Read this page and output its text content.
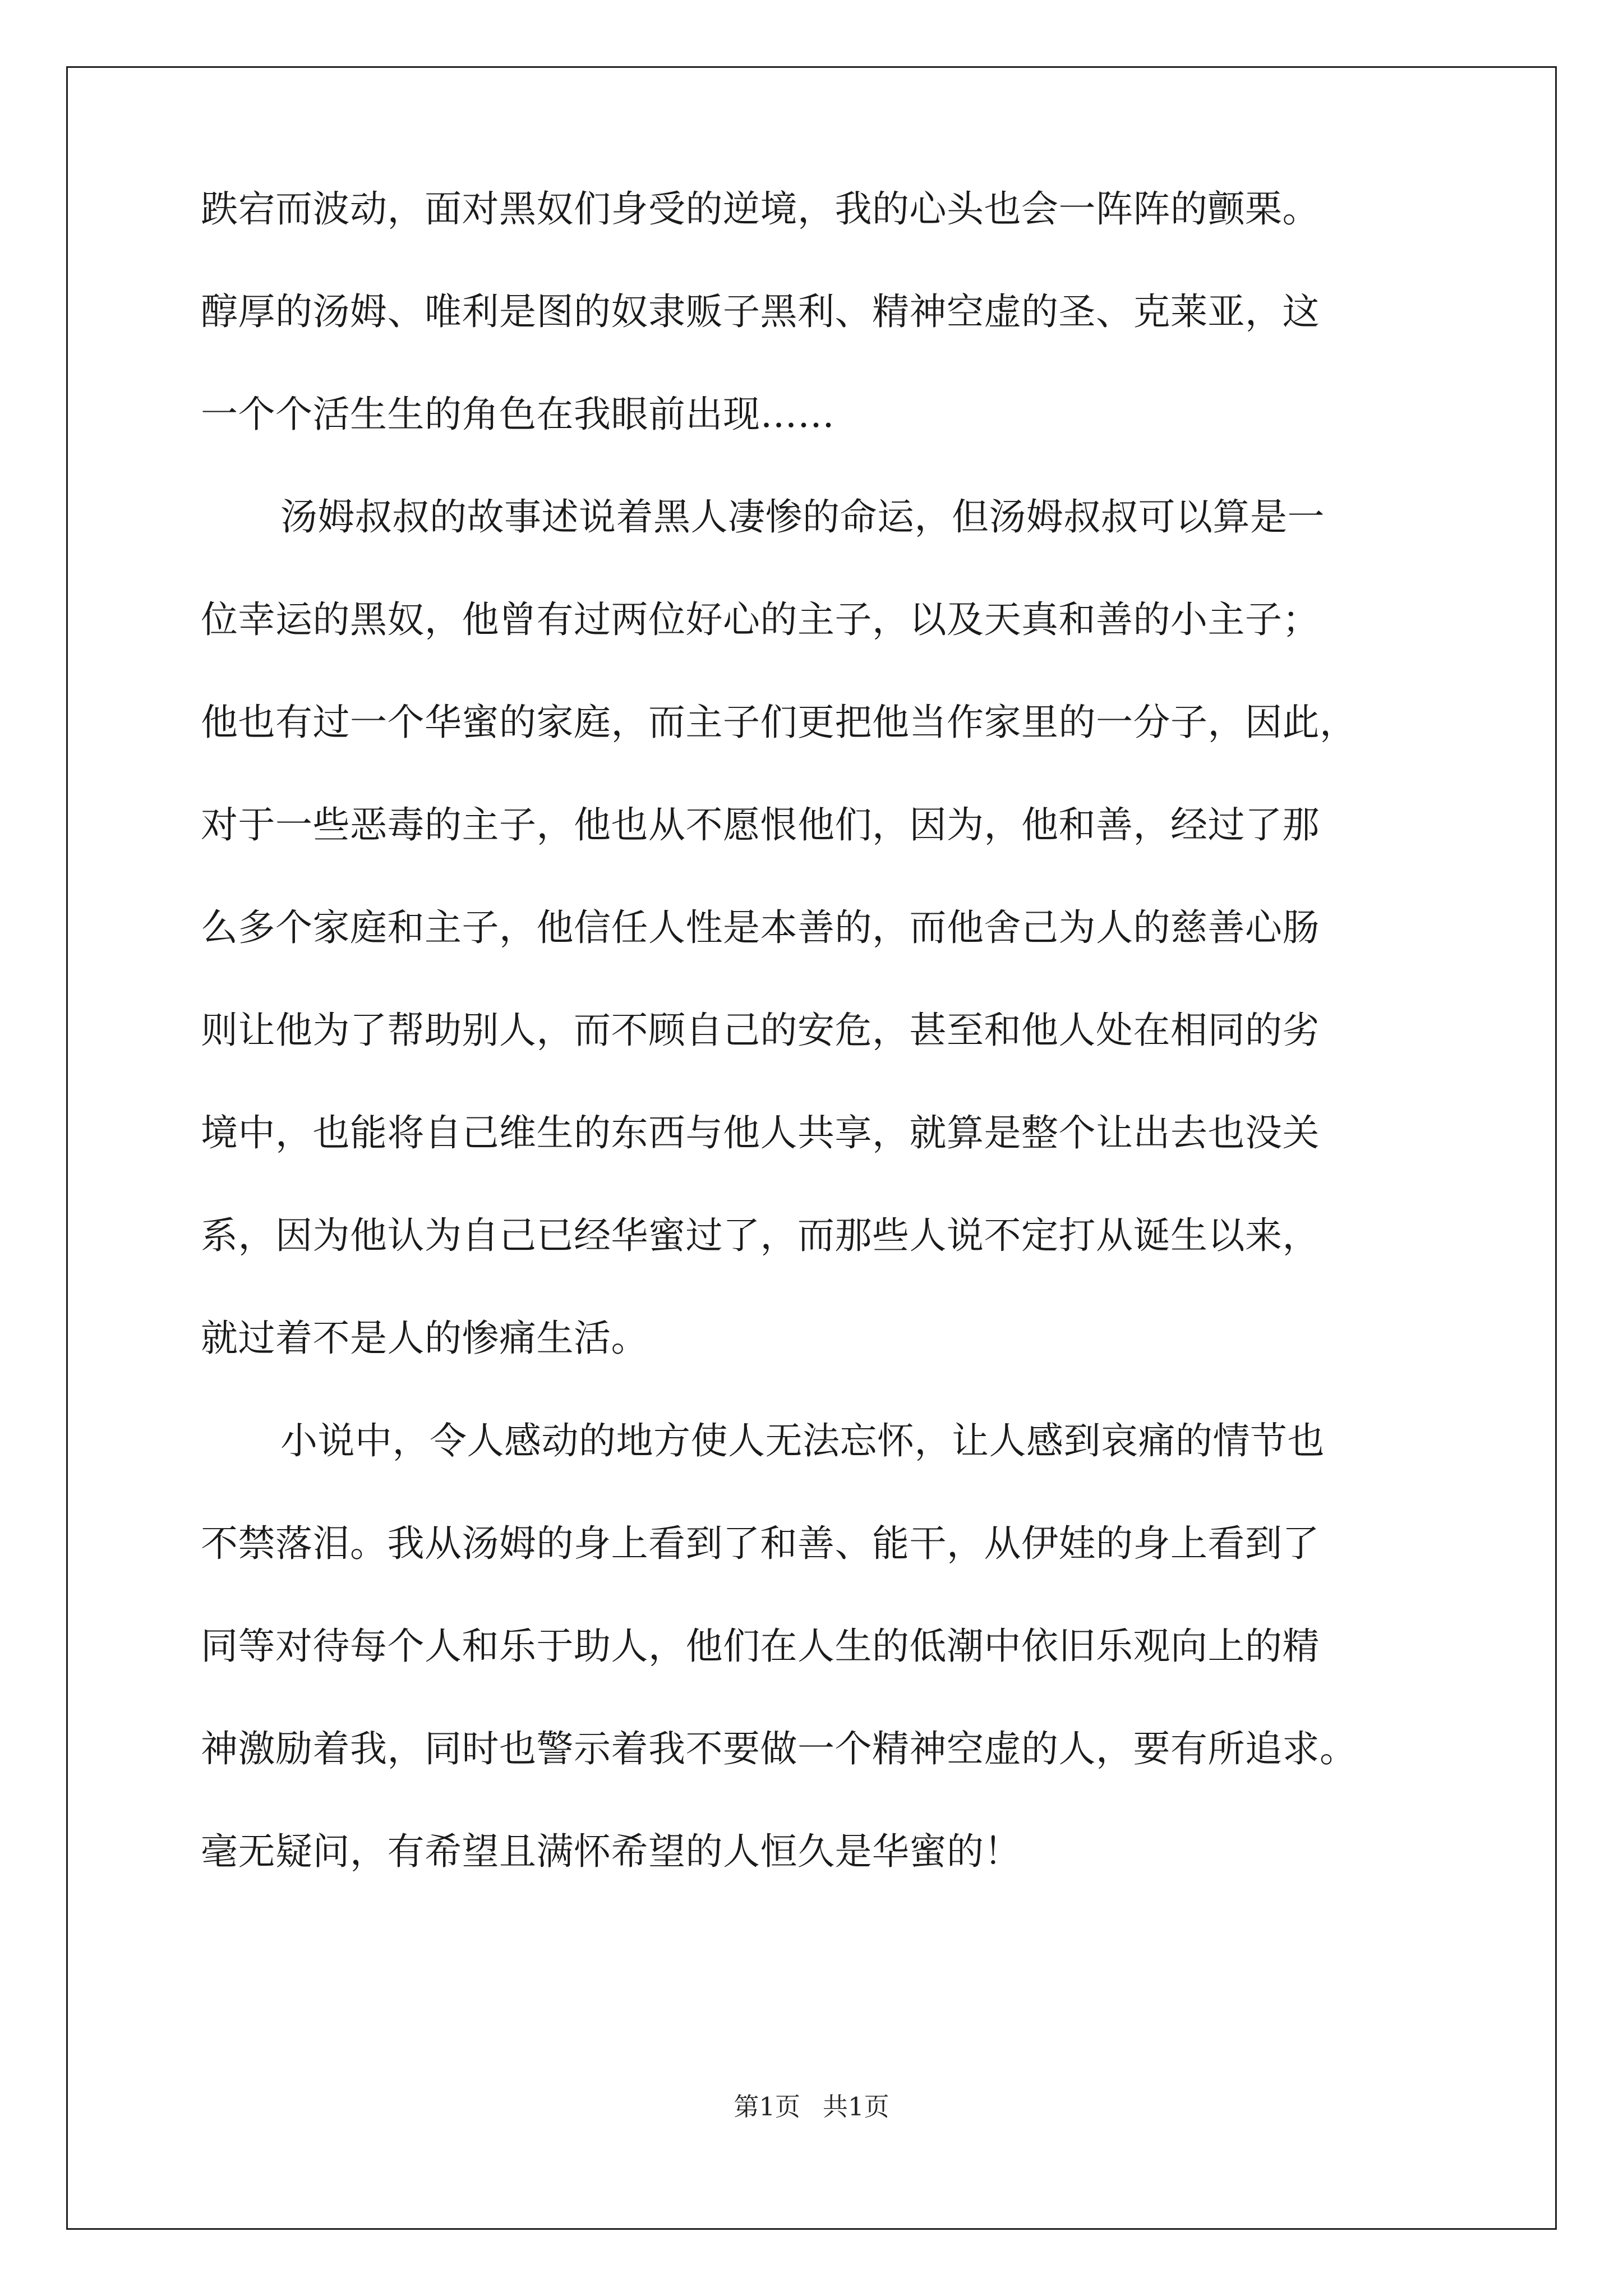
跌宕而波动，面对黑奴们身受的逆境，我的心头也会一阵阵的颤栗。
醇厚的汤姆、唯利是图的奴隶贩子黑利、精神空虚的圣、克莱亚，这
一个个活生生的角色在我眼前出现……
汤姆叔叔的故事述说着黑人凄惨的命运，但汤姆叔叔可以算是一
位幸运的黑奴，他曾有过两位好心的主子，以及天真和善的小主子；
他也有过一个华蜜的家庭，而主子们更把他当作家里的一分子，因此，
对于一些恶毒的主子，他也从不愿恨他们，因为，他和善，经过了那
么多个家庭和主子，他信任人性是本善的，而他舍己为人的慈善心肠
则让他为了帮助别人，而不顾自己的安危，甚至和他人处在相同的劣
境中，也能将自己维生的东西与他人共享，就算是整个让出去也没关
系，因为他认为自己已经华蜜过了，而那些人说不定打从诞生以来，
就过着不是人的惨痛生活。
小说中，令人感动的地方使人无法忘怀，让人感到哀痛的情节也
不禁落泪。我从汤姆的身上看到了和善、能干，从伊娃的身上看到了
同等对待每个人和乐于助人，他们在人生的低潮中依旧乐观向上的精
神激励着我，同时也警示着我不要做一个精神空虚的人，要有所追求。
毫无疑问，有希望且满怀希望的人恒久是华蜜的！
第1页 共1页
